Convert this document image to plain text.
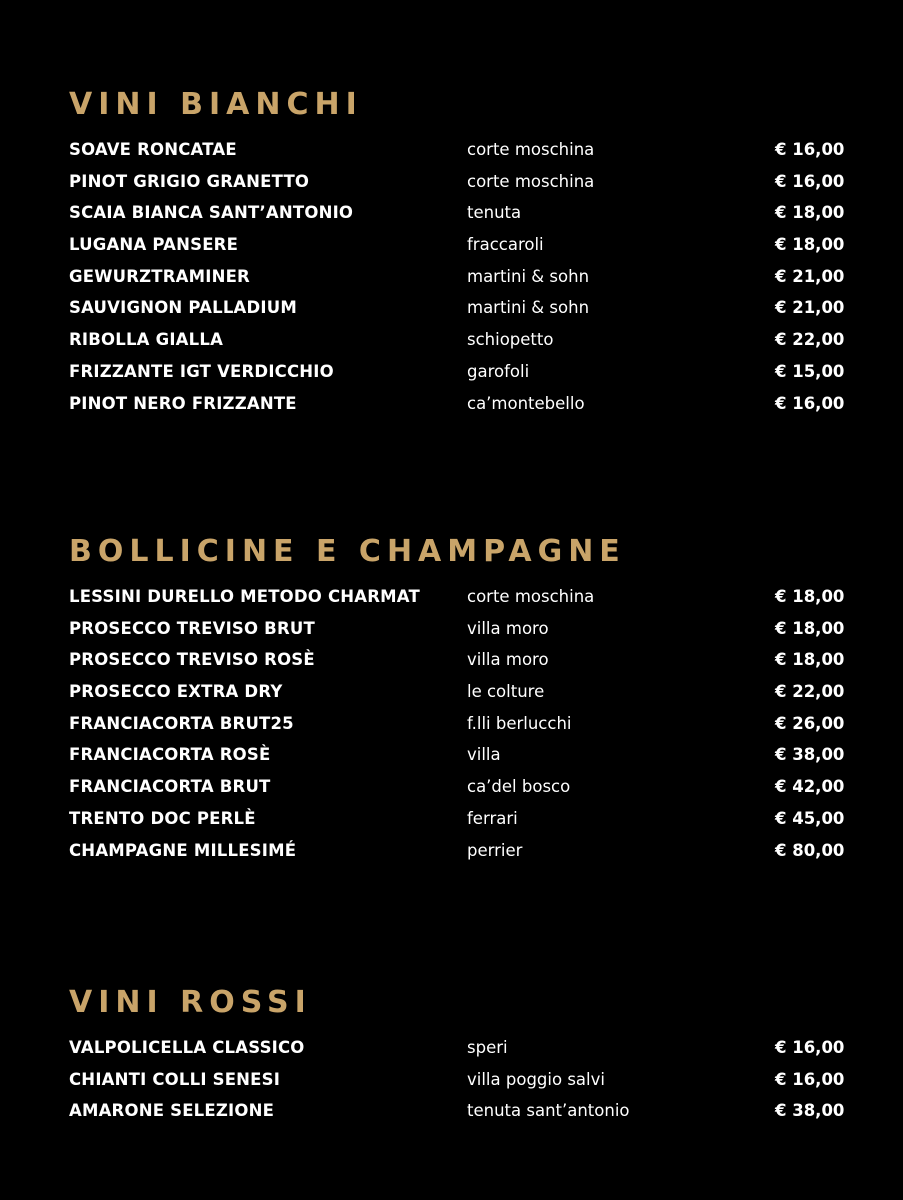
VINI BIANCHI
SOAVE RONCATAE	corte moschina	€ 16,00
PINOT GRIGIO GRANETTO	corte moschina	€ 16,00
SCAIA BIANCA SANT’ANTONIO	tenuta	€ 18,00
LUGANA PANSERE	fraccaroli	€ 18,00
GEWURZTRAMINER	martini & sohn	€ 21,00
SAUVIGNON PALLADIUM	martini & sohn	€ 21,00
RIBOLLA GIALLA	schiopetto	€ 22,00
FRIZZANTE IGT VERDICCHIO	garofoli	€ 15,00
PINOT NERO FRIZZANTE	ca’montebello	€ 16,00
BOLLICINE E CHAMPAGNE
LESSINI DURELLO METODO CHARMAT	corte moschina	€ 18,00
PROSECCO TREVISO BRUT	villa moro	€ 18,00
PROSECCO TREVISO ROSÈ	villa moro	€ 18,00
PROSECCO EXTRA DRY	le colture	€ 22,00
FRANCIACORTA BRUT25	f.lli berlucchi	€ 26,00
FRANCIACORTA ROSÈ	villa	€ 38,00
FRANCIACORTA BRUT	ca’del bosco	€ 42,00
TRENTO DOC PERLÈ	ferrari	€ 45,00
CHAMPAGNE MILLESIMÉ	perrier	€ 80,00
VINI ROSSI
VALPOLICELLA CLASSICO	speri	€ 16,00
CHIANTI COLLI SENESI	villa poggio salvi	€ 16,00
AMARONE SELEZIONE	tenuta sant’antonio	€ 38,00
